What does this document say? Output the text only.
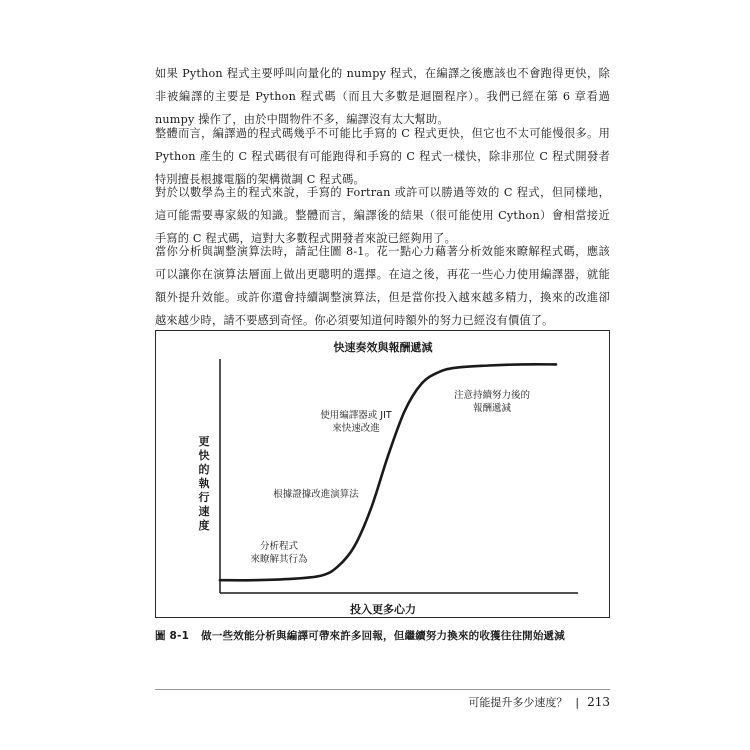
如果 Python 程式主要呼叫向量化的 numpy 程式，在編譯之後應該也不會跑得更快，除非被編譯的主要是 Python 程式碼（而且大多數是迴圈程序）。我們已經在第 6 章看過 numpy 操作了，由於中間物件不多，編譯沒有太大幫助。

整體而言，編譯過的程式碼幾乎不可能比手寫的 C 程式更快，但它也不太可能慢很多。用 Python 產生的 C 程式碼很有可能跑得和手寫的 C 程式一樣快，除非那位 C 程式開發者特別擅長根據電腦的架構微調 C 程式碼。

對於以數學為主的程式來說，手寫的 Fortran 或許可以勝過等效的 C 程式，但同樣地，這可能需要專家級的知識。整體而言，編譯後的結果（很可能使用 Cython）會相當接近手寫的 C 程式碼，這對大多數程式開發者來說已經夠用了。

當你分析與調整演算法時，請記住圖 8-1。花一點心力藉著分析效能來瞭解程式碼，應該可以讓你在演算法層面上做出更聰明的選擇。在這之後，再花一些心力使用編譯器，就能額外提升效能。或許你還會持續調整演算法，但是當你投入越來越多精力，換來的改進卻越來越少時，請不要感到奇怪。你必須要知道何時額外的努力已經沒有價值了。

快速奏效與報酬遞減
投入更多心力
更
快
的
執
行
速
度
分析程式來瞭解其行為
根據證據改進演算法
使用編譯器或 JIT 來快速改進
注意持續努力後的報酬遞減
圖 8-1 做一些效能分析與編譯可帶來許多回報，但繼續努力換來的收獲往往開始遞減
可能提升多少速度？ | 213
